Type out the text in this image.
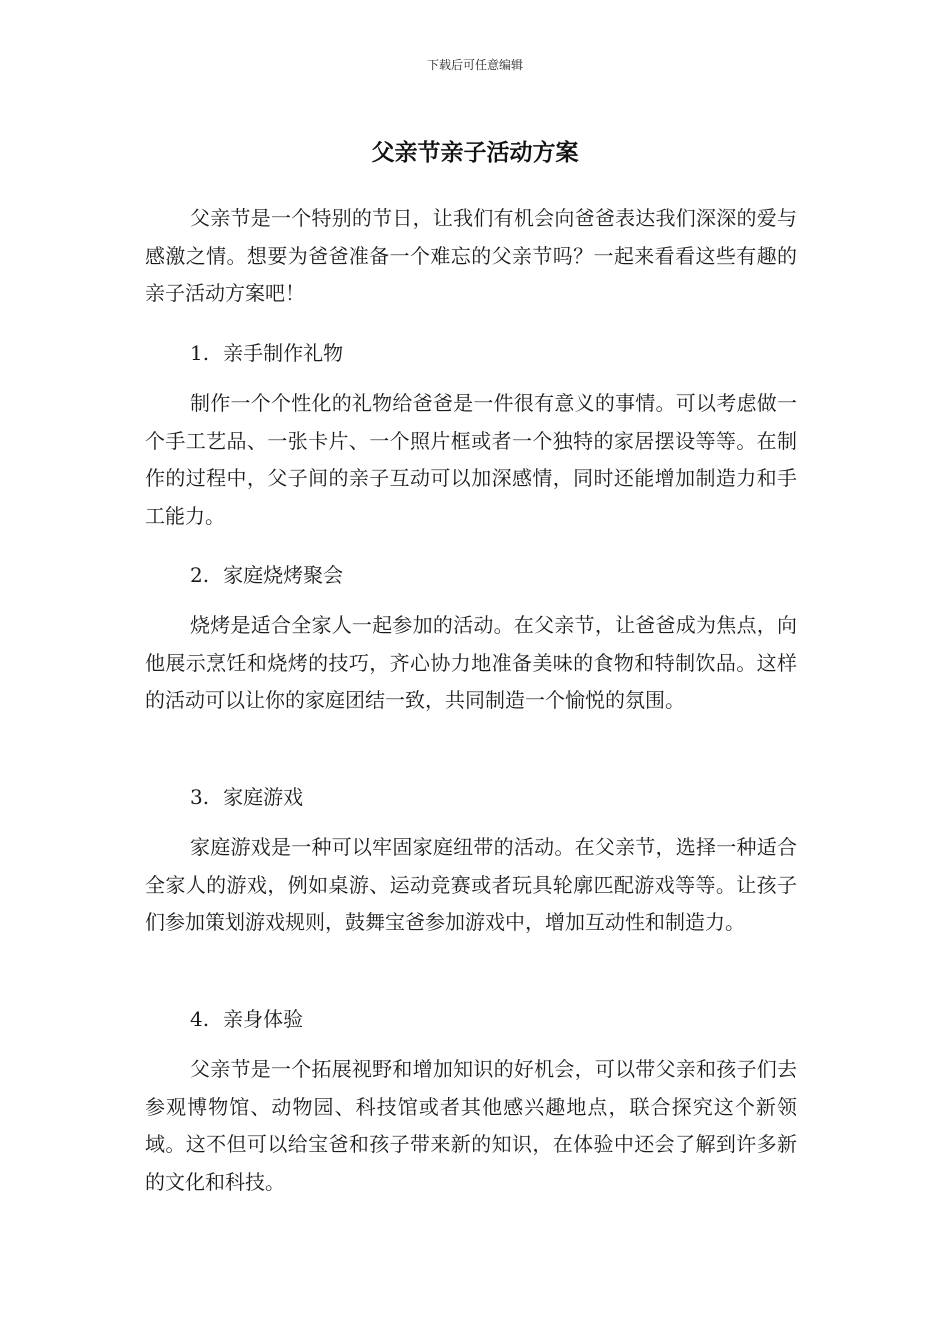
下载后可任意编辑
父亲节亲子活动方案

父亲节是一个特别的节日，让我们有机会向爸爸表达我们深深的爱与感激之情。想要为爸爸准备一个难忘的父亲节吗？一起来看看这些有趣的亲子活动方案吧！

1. 亲手制作礼物

制作一个个性化的礼物给爸爸是一件很有意义的事情。可以考虑做一个手工艺品、一张卡片、一个照片框或者一个独特的家居摆设等等。在制作的过程中，父子间的亲子互动可以加深感情，同时还能增加制造力和手工能力。

2. 家庭烧烤聚会

烧烤是适合全家人一起参加的活动。在父亲节，让爸爸成为焦点，向他展示烹饪和烧烤的技巧，齐心协力地准备美味的食物和特制饮品。这样的活动可以让你的家庭团结一致，共同制造一个愉悦的氛围。

3. 家庭游戏

家庭游戏是一种可以牢固家庭纽带的活动。在父亲节，选择一种适合全家人的游戏，例如桌游、运动竞赛或者玩具轮廓匹配游戏等等。让孩子们参加策划游戏规则，鼓舞宝爸参加游戏中，增加互动性和制造力。

4. 亲身体验

父亲节是一个拓展视野和增加知识的好机会，可以带父亲和孩子们去参观博物馆、动物园、科技馆或者其他感兴趣地点，联合探究这个新领域。这不但可以给宝爸和孩子带来新的知识，在体验中还会了解到许多新的文化和科技。
